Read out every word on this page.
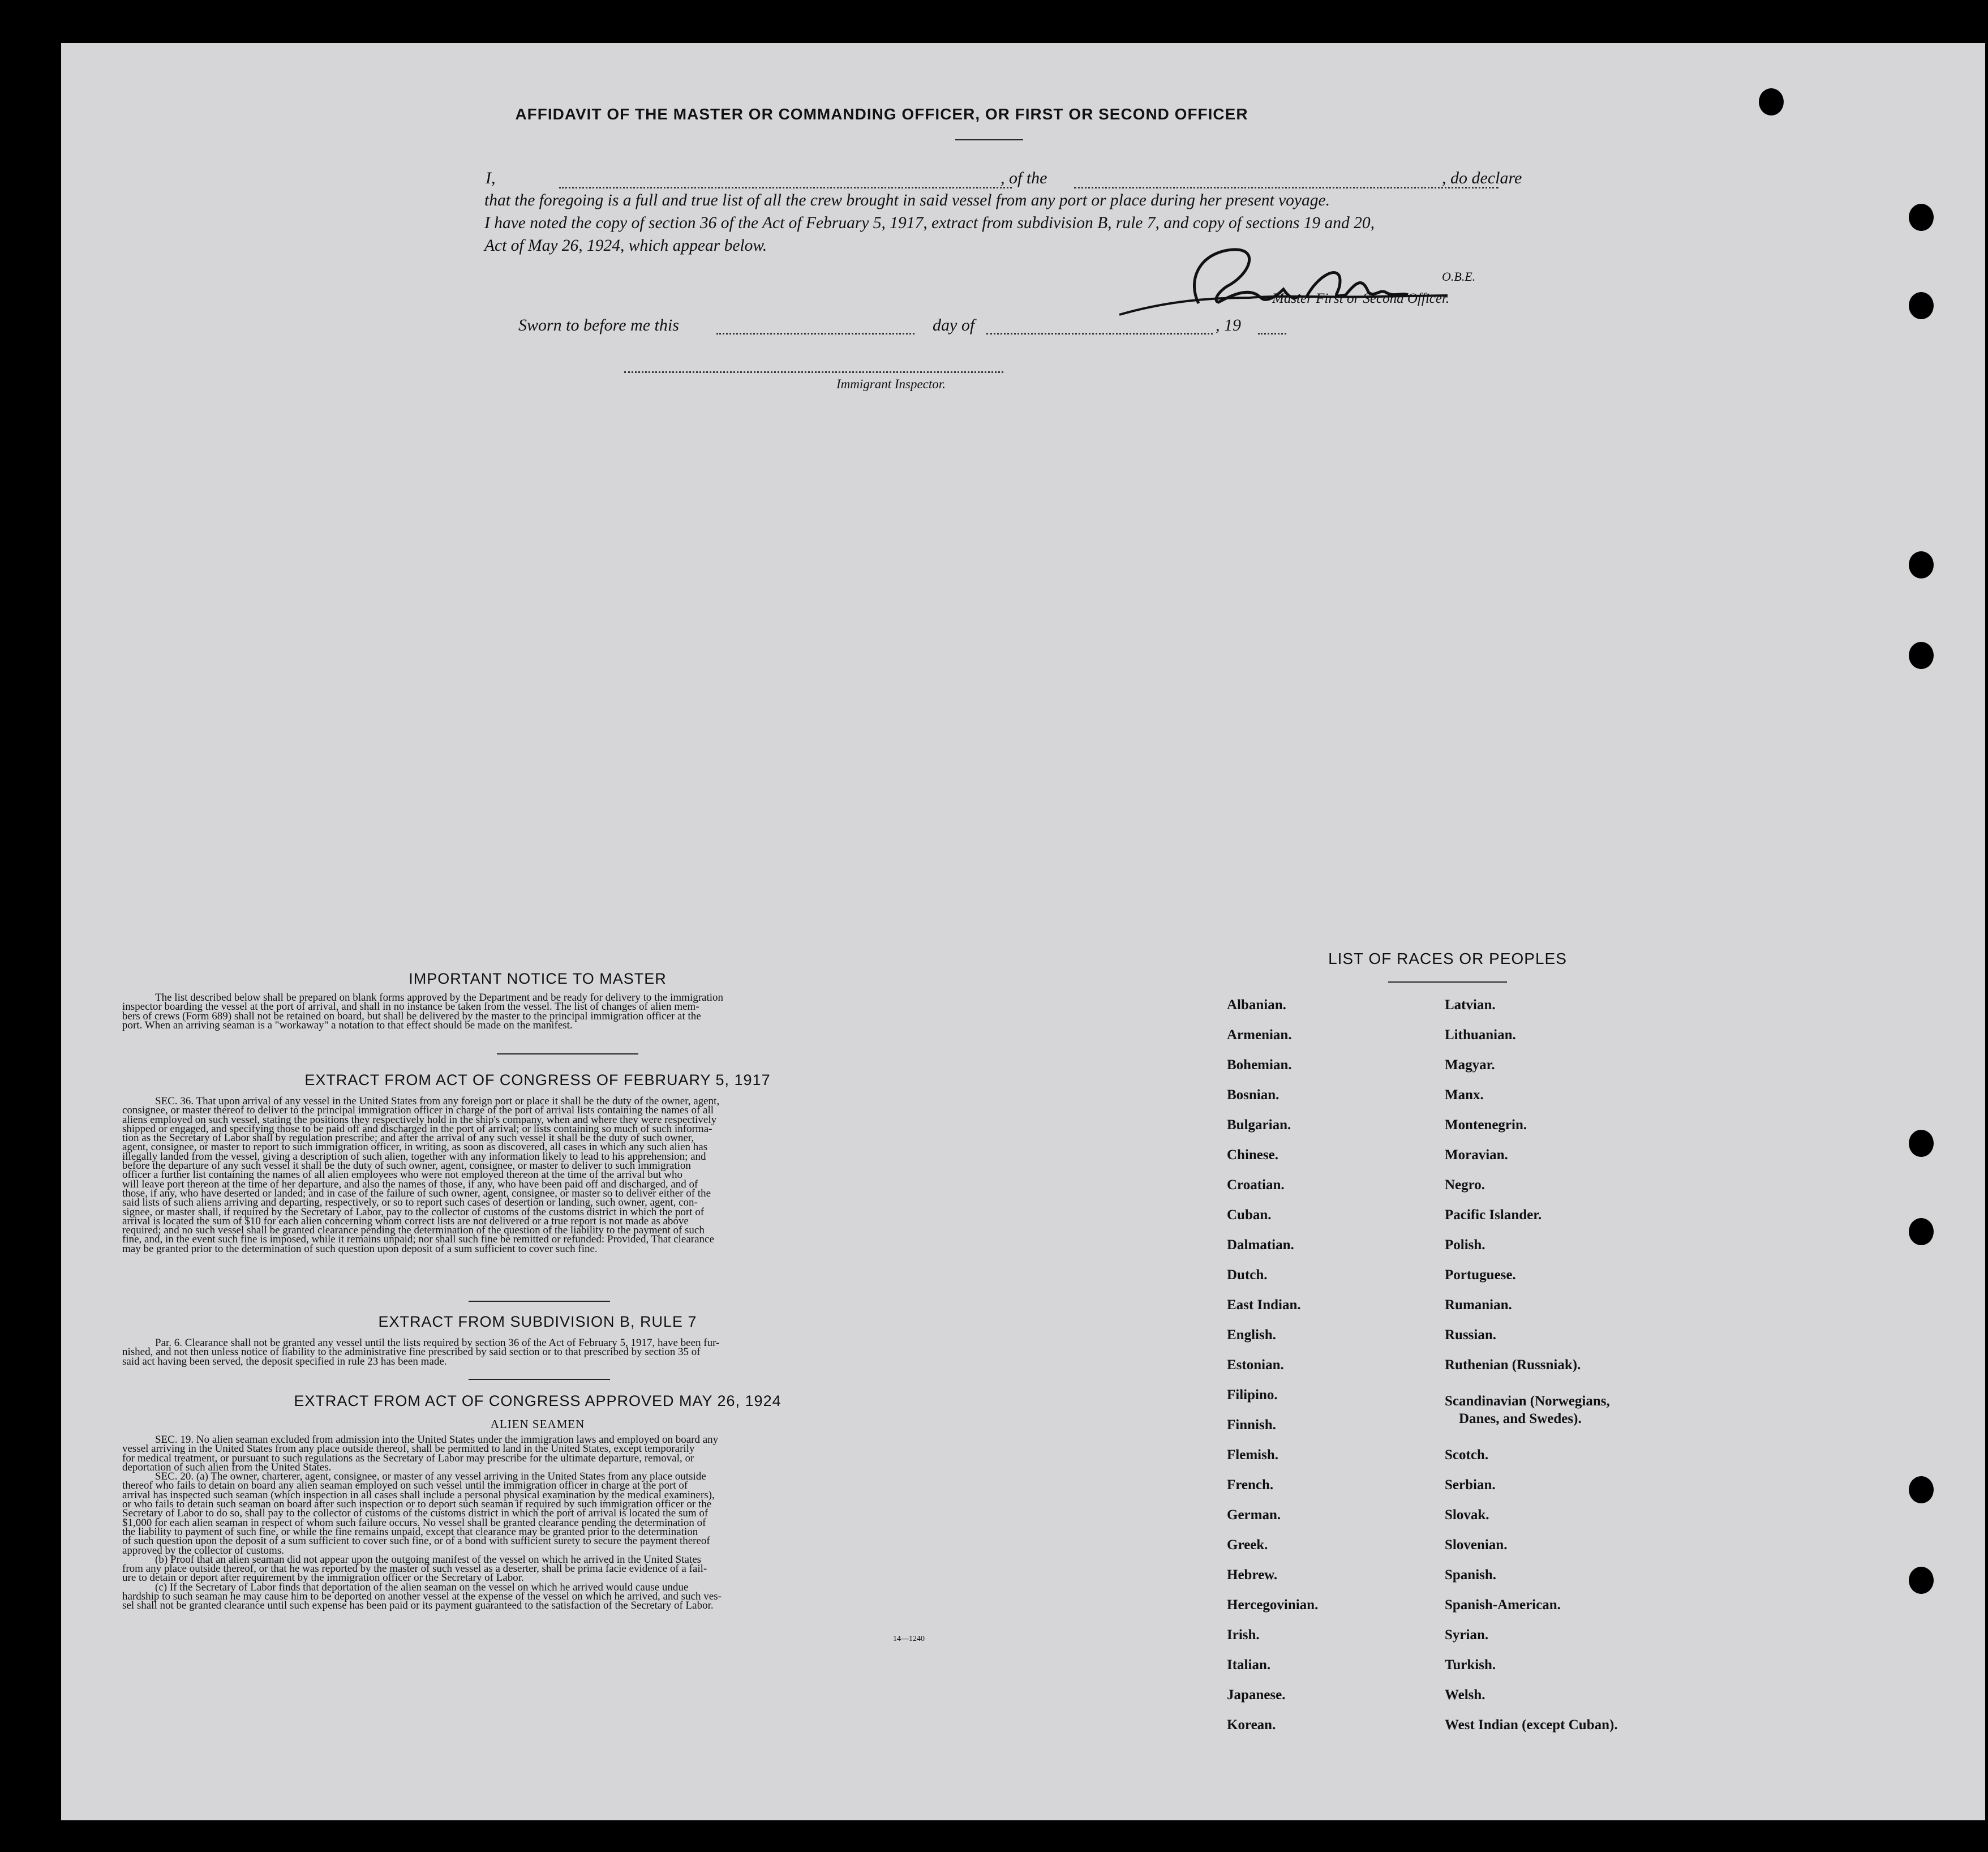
AFFIDAVIT OF THE MASTER OR COMMANDING OFFICER, OR FIRST OR SECOND OFFICER
I,	, of the	, do declare
that the foregoing is a full and true list of all the crew brought in said vessel from any port or place during her present voyage.
I have noted the copy of section 36 of the Act of February 5, 1917, extract from subdivision B, rule 7, and copy of sections 19 and 20,
Act of May 26, 1924, which appear below.
O.B.E.
Master First or Second Officer.
Sworn to before me this	day of	, 19
Immigrant Inspector.
IMPORTANT NOTICE TO MASTER

The list described below shall be prepared on blank forms approved by the Department and be ready for delivery to the immigration

inspector boarding the vessel at the port of arrival, and shall in no instance be taken from the vessel. The list of changes of alien mem-

bers of crews (Form 689) shall not be retained on board, but shall be delivered by the master to the principal immigration officer at the

port. When an arriving seaman is a "workaway" a notation to that effect should be made on the manifest.

EXTRACT FROM ACT OF CONGRESS OF FEBRUARY 5, 1917

SEC. 36. That upon arrival of any vessel in the United States from any foreign port or place it shall be the duty of the owner, agent,

consignee, or master thereof to deliver to the principal immigration officer in charge of the port of arrival lists containing the names of all

aliens employed on such vessel, stating the positions they respectively hold in the ship's company, when and where they were respectively

shipped or engaged, and specifying those to be paid off and discharged in the port of arrival; or lists containing so much of such informa-

tion as the Secretary of Labor shall by regulation prescribe; and after the arrival of any such vessel it shall be the duty of such owner,

agent, consignee, or master to report to such immigration officer, in writing, as soon as discovered, all cases in which any such alien has

illegally landed from the vessel, giving a description of such alien, together with any information likely to lead to his apprehension; and

before the departure of any such vessel it shall be the duty of such owner, agent, consignee, or master to deliver to such immigration

officer a further list containing the names of all alien employees who were not employed thereon at the time of the arrival but who

will leave port thereon at the time of her departure, and also the names of those, if any, who have been paid off and discharged, and of

those, if any, who have deserted or landed; and in case of the failure of such owner, agent, consignee, or master so to deliver either of the

said lists of such aliens arriving and departing, respectively, or so to report such cases of desertion or landing, such owner, agent, con-

signee, or master shall, if required by the Secretary of Labor, pay to the collector of customs of the customs district in which the port of

arrival is located the sum of $10 for each alien concerning whom correct lists are not delivered or a true report is not made as above

required; and no such vessel shall be granted clearance pending the determination of the question of the liability to the payment of such

fine, and, in the event such fine is imposed, while it remains unpaid; nor shall such fine be remitted or refunded: Provided, That clearance

may be granted prior to the determination of such question upon deposit of a sum sufficient to cover such fine.

EXTRACT FROM SUBDIVISION B, RULE 7

Par. 6. Clearance shall not be granted any vessel until the lists required by section 36 of the Act of February 5, 1917, have been fur-

nished, and not then unless notice of liability to the administrative fine prescribed by said section or to that prescribed by section 35 of

said act having been served, the deposit specified in rule 23 has been made.

EXTRACT FROM ACT OF CONGRESS APPROVED MAY 26, 1924
ALIEN SEAMEN

SEC. 19. No alien seaman excluded from admission into the United States under the immigration laws and employed on board any

vessel arriving in the United States from any place outside thereof, shall be permitted to land in the United States, except temporarily

for medical treatment, or pursuant to such regulations as the Secretary of Labor may prescribe for the ultimate departure, removal, or

deportation of such alien from the United States.

SEC. 20. (a) The owner, charterer, agent, consignee, or master of any vessel arriving in the United States from any place outside

thereof who fails to detain on board any alien seaman employed on such vessel until the immigration officer in charge at the port of

arrival has inspected such seaman (which inspection in all cases shall include a personal physical examination by the medical examiners),

or who fails to detain such seaman on board after such inspection or to deport such seaman if required by such immigration officer or the

Secretary of Labor to do so, shall pay to the collector of customs of the customs district in which the port of arrival is located the sum of

$1,000 for each alien seaman in respect of whom such failure occurs. No vessel shall be granted clearance pending the determination of

the liability to payment of such fine, or while the fine remains unpaid, except that clearance may be granted prior to the determination

of such question upon the deposit of a sum sufficient to cover such fine, or of a bond with sufficient surety to secure the payment thereof

approved by the collector of customs.

(b) Proof that an alien seaman did not appear upon the outgoing manifest of the vessel on which he arrived in the United States

from any place outside thereof, or that he was reported by the master of such vessel as a deserter, shall be prima facie evidence of a fail-

ure to detain or deport after requirement by the immigration officer or the Secretary of Labor.

(c) If the Secretary of Labor finds that deportation of the alien seaman on the vessel on which he arrived would cause undue

hardship to such seaman he may cause him to be deported on another vessel at the expense of the vessel on which he arrived, and such ves-

sel shall not be granted clearance until such expense has been paid or its payment guaranteed to the satisfaction of the Secretary of Labor.

14—1240
LIST OF RACES OR PEOPLES
Albanian.
Armenian.
Bohemian.
Bosnian.
Bulgarian.
Chinese.
Croatian.
Cuban.
Dalmatian.
Dutch.
East Indian.
English.
Estonian.
Filipino.
Finnish.
Flemish.
French.
German.
Greek.
Hebrew.
Hercegovinian.
Irish.
Italian.
Japanese.
Korean.
Latvian.
Lithuanian.
Magyar.
Manx.
Montenegrin.
Moravian.
Negro.
Pacific Islander.
Polish.
Portuguese.
Rumanian.
Russian.
Ruthenian (Russniak).
Scandinavian (Norwegians,
Danes, and Swedes).
Scotch.
Serbian.
Slovak.
Slovenian.
Spanish.
Spanish-American.
Syrian.
Turkish.
Welsh.
West Indian (except Cuban).
